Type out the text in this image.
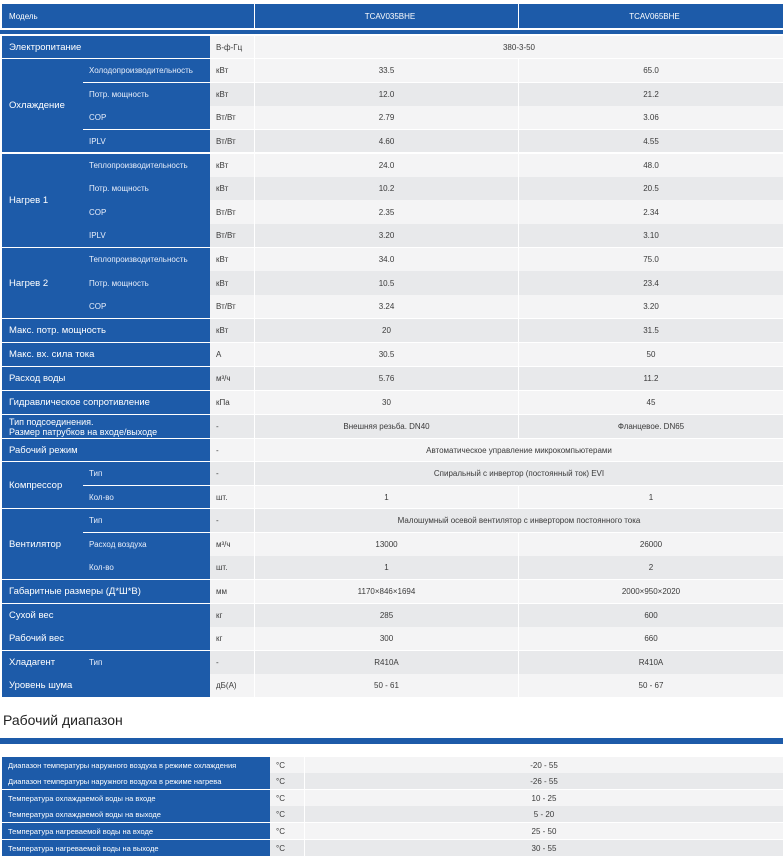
Модель	TCAV035BHE	TCAV065BHE
Электропитание	В-ф-Гц	380-3-50
Охлаждение
Холодопроизводительность	кВт	33.5	65.0
Потр. мощность	кВт	12.0	21.2
COP	Вт/Вт	2.79	3.06
IPLV	Вт/Вт	4.60	4.55
Нагрев 1
Теплопроизводительность	кВт	24.0	48.0
Потр. мощность	кВт	10.2	20.5
COP	Вт/Вт	2.35	2.34
IPLV	Вт/Вт	3.20	3.10
Нагрев 2
Теплопроизводительность	кВт	34.0	75.0
Потр. мощность	кВт	10.5	23.4
COP	Вт/Вт	3.24	3.20
Макс. потр. мощность	кВт	20	31.5
Макс. вх. сила тока	А	30.5	50
Расход воды	м³/ч	5.76	11.2
Гидравлическое сопротивление	кПа	30	45
Тип подсоединения.
Размер патрубков на входе/выходе	-	Внешняя резьба. DN40	Фланцевое. DN65
Рабочий режим	-	Автоматическое управление микрокомпьютерами
Компрессор
Тип	-	Спиральный с инвертор (постоянный ток) EVI
Кол-во	шт.	1	1
Вентилятор
Тип	-	Малошумный осевой вентилятор с инвертором постоянного тока
Расход воздуха	м³/ч	13000	26000
Кол-во	шт.	1	2
Габаритные размеры (Д*Ш*В)	мм	1170×846×1694	2000×950×2020
Сухой вес	кг	285	600
Рабочий вес	кг	300	660
Хладагент	Тип	-	R410A	R410A
Уровень шума	дБ(А)	50 - 61	50 - 67
Рабочий диапазон
Диапазон температуры наружного воздуха в режиме охлаждения	°C	-20 - 55
Диапазон температуры наружного воздуха в режиме нагрева	°C	-26 - 55
Температура охлаждаемой воды на входе	°C	10 - 25
Температура охлаждаемой воды на выходе	°C	5 - 20
Температура нагреваемой воды на входе	°C	25 - 50
Температура нагреваемой воды на выходе	°C	30 - 55
